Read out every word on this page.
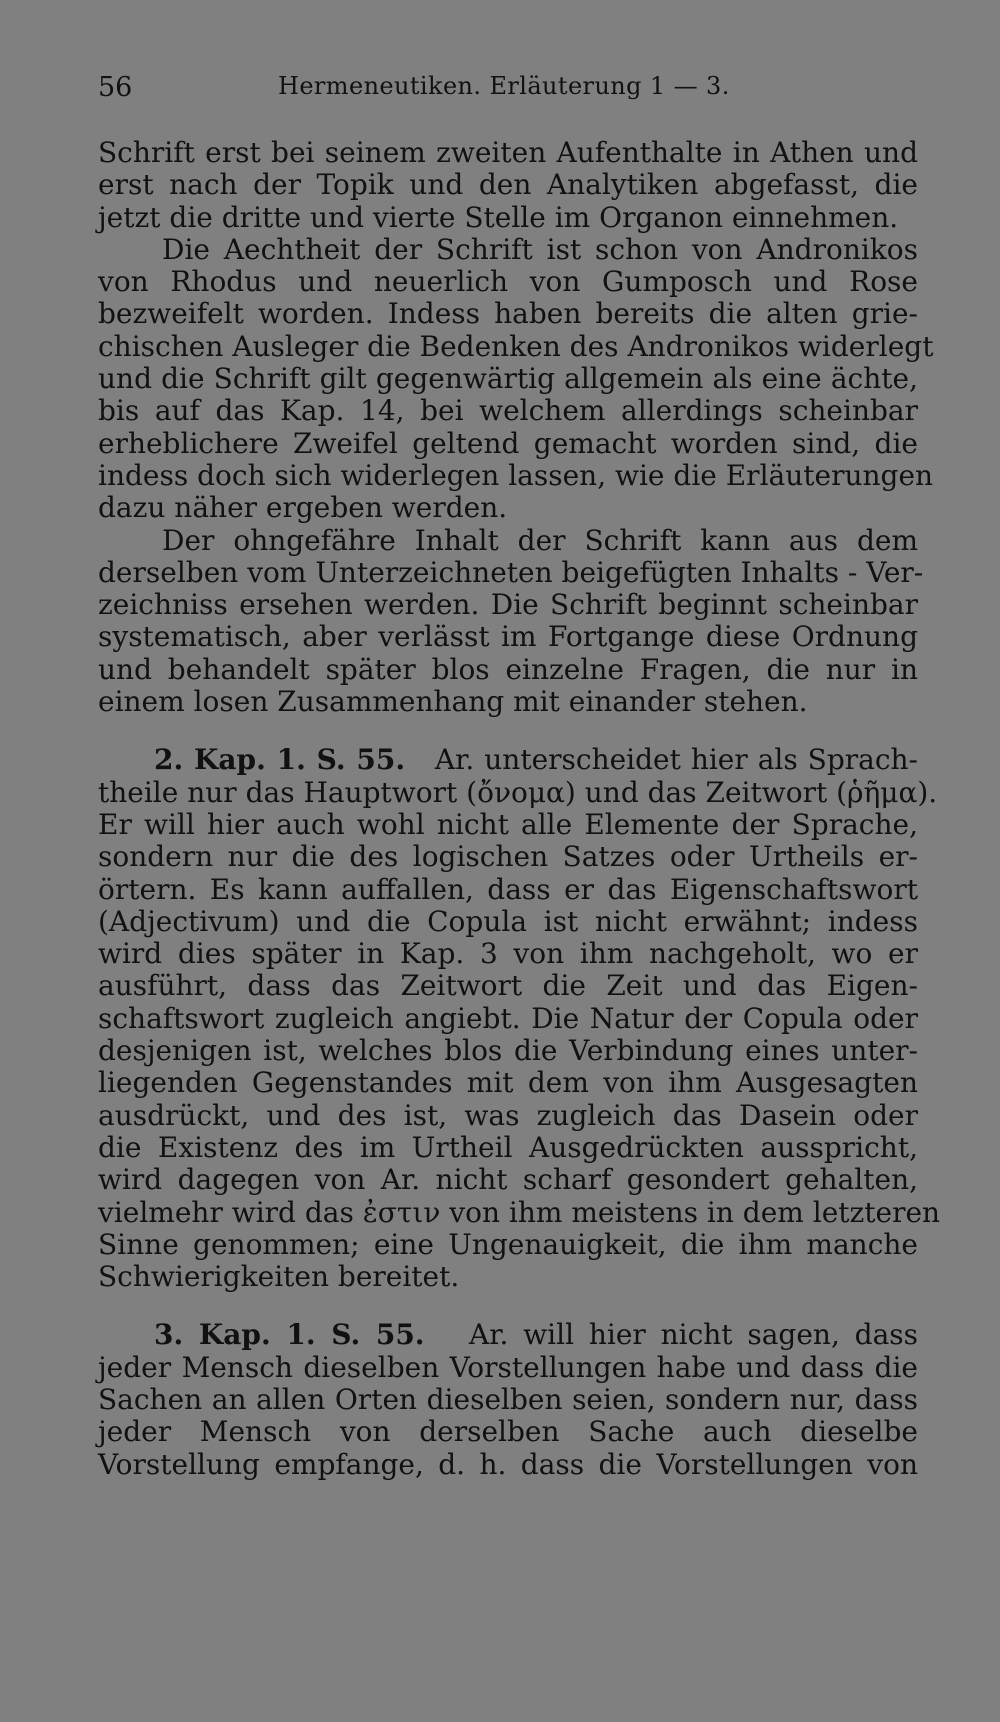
56	Hermeneutiken. Erläuterung 1 — 3.
Schrift erst bei seinem zweiten Aufenthalte in Athen und
erst nach der Topik und den Analytiken abgefasst, die
jetzt die dritte und vierte Stelle im Organon einnehmen.
Die Aechtheit der Schrift ist schon von Andronikos
von Rhodus und neuerlich von Gumposch und Rose
bezweifelt worden. Indess haben bereits die alten grie-
chischen Ausleger die Bedenken des Andronikos widerlegt
und die Schrift gilt gegenwärtig allgemein als eine ächte,
bis auf das Kap. 14, bei welchem allerdings scheinbar
erheblichere Zweifel geltend gemacht worden sind, die
indess doch sich widerlegen lassen, wie die Erläuterungen
dazu näher ergeben werden.
Der ohngefähre Inhalt der Schrift kann aus dem
derselben vom Unterzeichneten beigefügten Inhalts - Ver-
zeichniss ersehen werden. Die Schrift beginnt scheinbar
systematisch, aber verlässt im Fortgange diese Ordnung
und behandelt später blos einzelne Fragen, die nur in
einem losen Zusammenhang mit einander stehen.
2. Kap. 1. S. 55. Ar. unterscheidet hier als Sprach-
theile nur das Hauptwort (ὄνομα) und das Zeitwort (ῥῆμα).
Er will hier auch wohl nicht alle Elemente der Sprache,
sondern nur die des logischen Satzes oder Urtheils er-
örtern. Es kann auffallen, dass er das Eigenschaftswort
(Adjectivum) und die Copula ist nicht erwähnt; indess
wird dies später in Kap. 3 von ihm nachgeholt, wo er
ausführt, dass das Zeitwort die Zeit und das Eigen-
schaftswort zugleich angiebt. Die Natur der Copula oder
desjenigen ist, welches blos die Verbindung eines unter-
liegenden Gegenstandes mit dem von ihm Ausgesagten
ausdrückt, und des ist, was zugleich das Dasein oder
die Existenz des im Urtheil Ausgedrückten ausspricht,
wird dagegen von Ar. nicht scharf gesondert gehalten,
vielmehr wird das ἐστιν von ihm meistens in dem letzteren
Sinne genommen; eine Ungenauigkeit, die ihm manche
Schwierigkeiten bereitet.
3. Kap. 1. S. 55. Ar. will hier nicht sagen, dass
jeder Mensch dieselben Vorstellungen habe und dass die
Sachen an allen Orten dieselben seien, sondern nur, dass
jeder Mensch von derselben Sache auch dieselbe
Vorstellung empfange, d. h. dass die Vorstellungen von
